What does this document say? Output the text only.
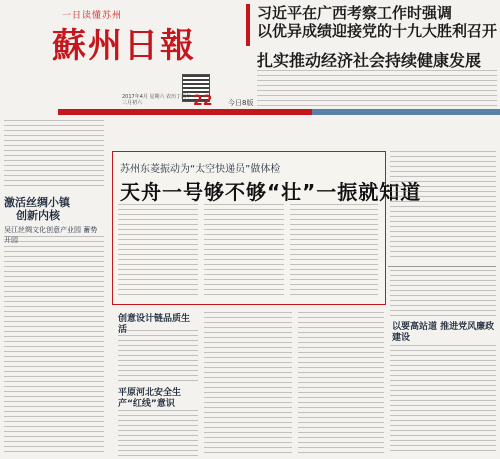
一日读懂苏州
蘇州日報
习近平在广西考察工作时强调
以优异成绩迎接党的十九大胜利召开
扎实推动经济社会持续健康发展
2017年4月 星期六 农历丁酉年三月初六	22 今日8版
激活丝绸小镇
创新内核
吴江丝绸文化创意产业园 蓄势开园
苏州东菱振动为“太空快递员”做体检
天舟一号够不够“壮”一振就知道
以要高站道 推进党风廉政建设
创意设计链品质生活
平原河北安全生产“红线”意识
